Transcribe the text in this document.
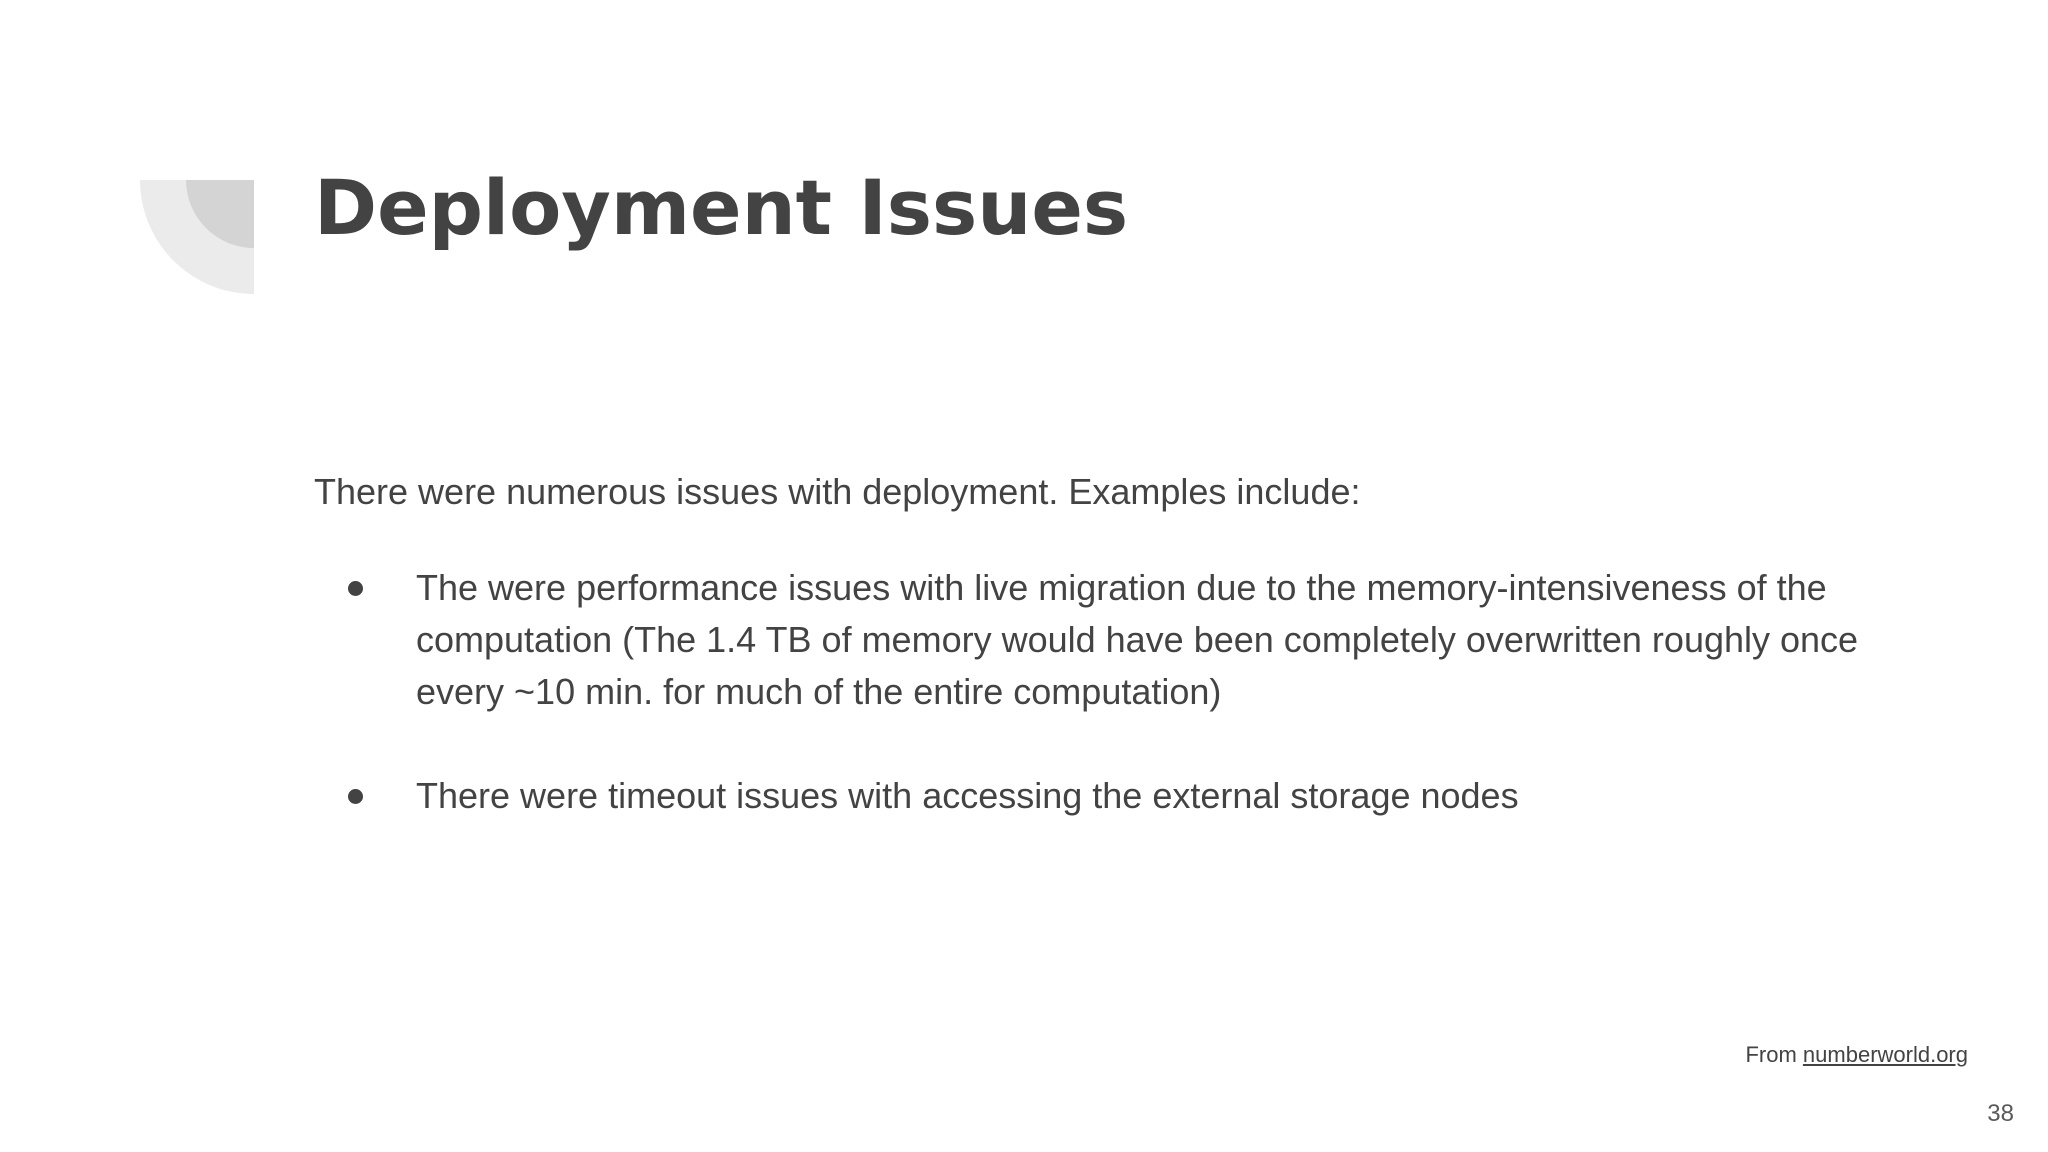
Deployment Issues

There were numerous issues with deployment. Examples include:

The were performance issues with live migration due to the memory-intensiveness of the computation (The 1.4 TB of memory would have been completely overwritten roughly once every ~10 min. for much of the entire computation)
There were timeout issues with accessing the external storage nodes
From numberworld.org
38
